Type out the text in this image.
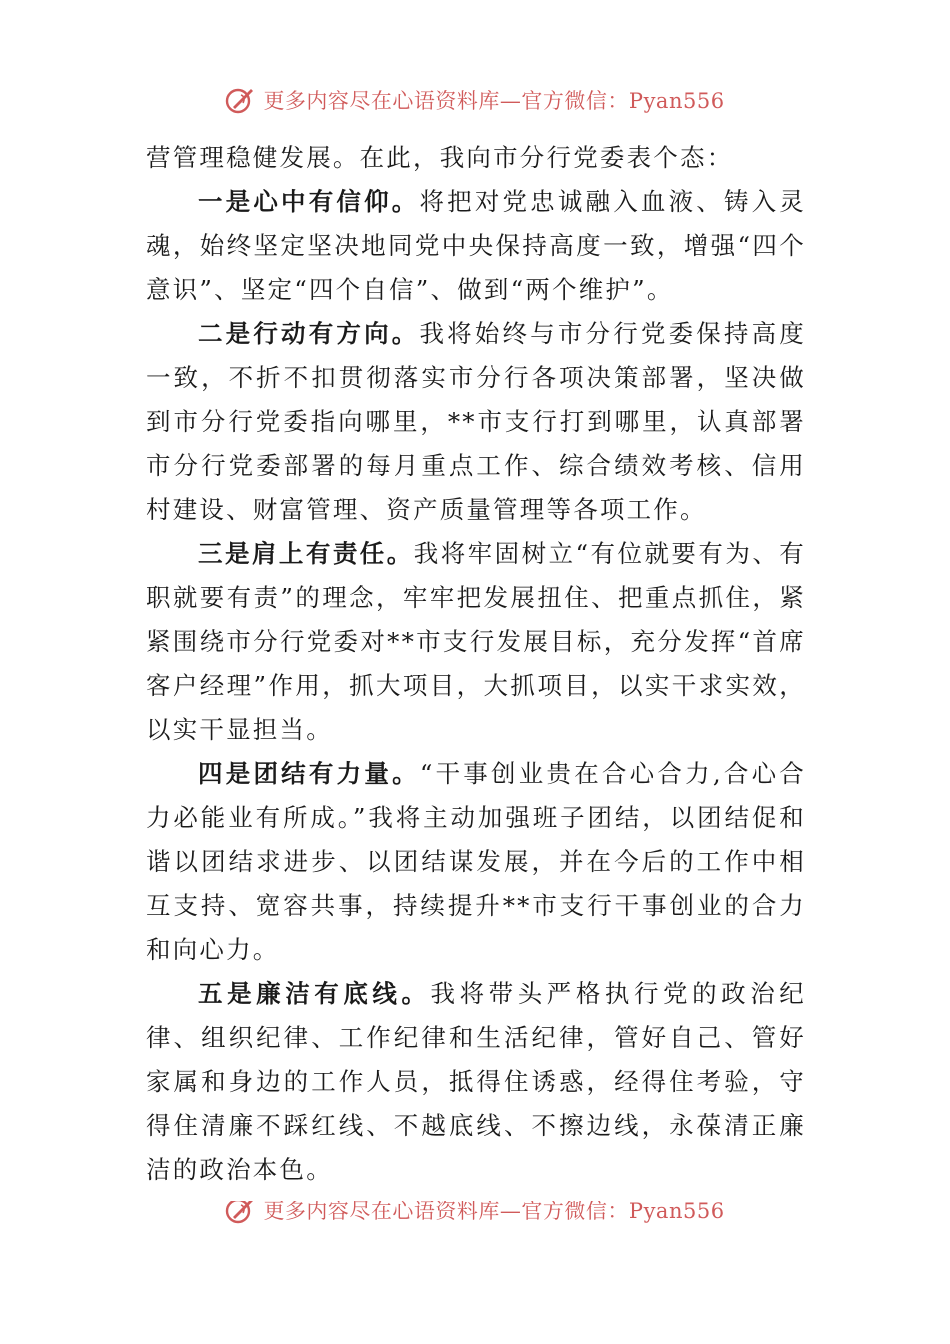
更多内容尽在心语资料库—官方微信：Pyan556

营管理稳健发展。在此，我向市分行党委表个态：

一是心中有信仰。将把对党忠诚融入血液、铸入灵魂，始终坚定坚决地同党中央保持高度一致，增强“四个意识”、坚定“四个自信”、做到“两个维护”。

二是行动有方向。我将始终与市分行党委保持高度一致，不折不扣贯彻落实市分行各项决策部署，坚决做到市分行党委指向哪里，**市支行打到哪里，认真部署市分行党委部署的每月重点工作、综合绩效考核、信用村建设、财富管理、资产质量管理等各项工作。

三是肩上有责任。我将牢固树立“有位就要有为、有职就要有责”的理念，牢牢把发展扭住、把重点抓住，紧紧围绕市分行党委对**市支行发展目标，充分发挥“首席客户经理”作用，抓大项目，大抓项目，以实干求实效，以实干显担当。

四是团结有力量。“干事创业贵在合心合力,合心合力必能业有所成。”我将主动加强班子团结，以团结促和谐以团结求进步、以团结谋发展，并在今后的工作中相互支持、宽容共事，持续提升**市支行干事创业的合力和向心力。

五是廉洁有底线。我将带头严格执行党的政治纪律、组织纪律、工作纪律和生活纪律，管好自己、管好家属和身边的工作人员，抵得住诱惑，经得住考验，守得住清廉不踩红线、不越底线、不擦边线，永葆清正廉洁的政治本色。

更多内容尽在心语资料库—官方微信：Pyan556
